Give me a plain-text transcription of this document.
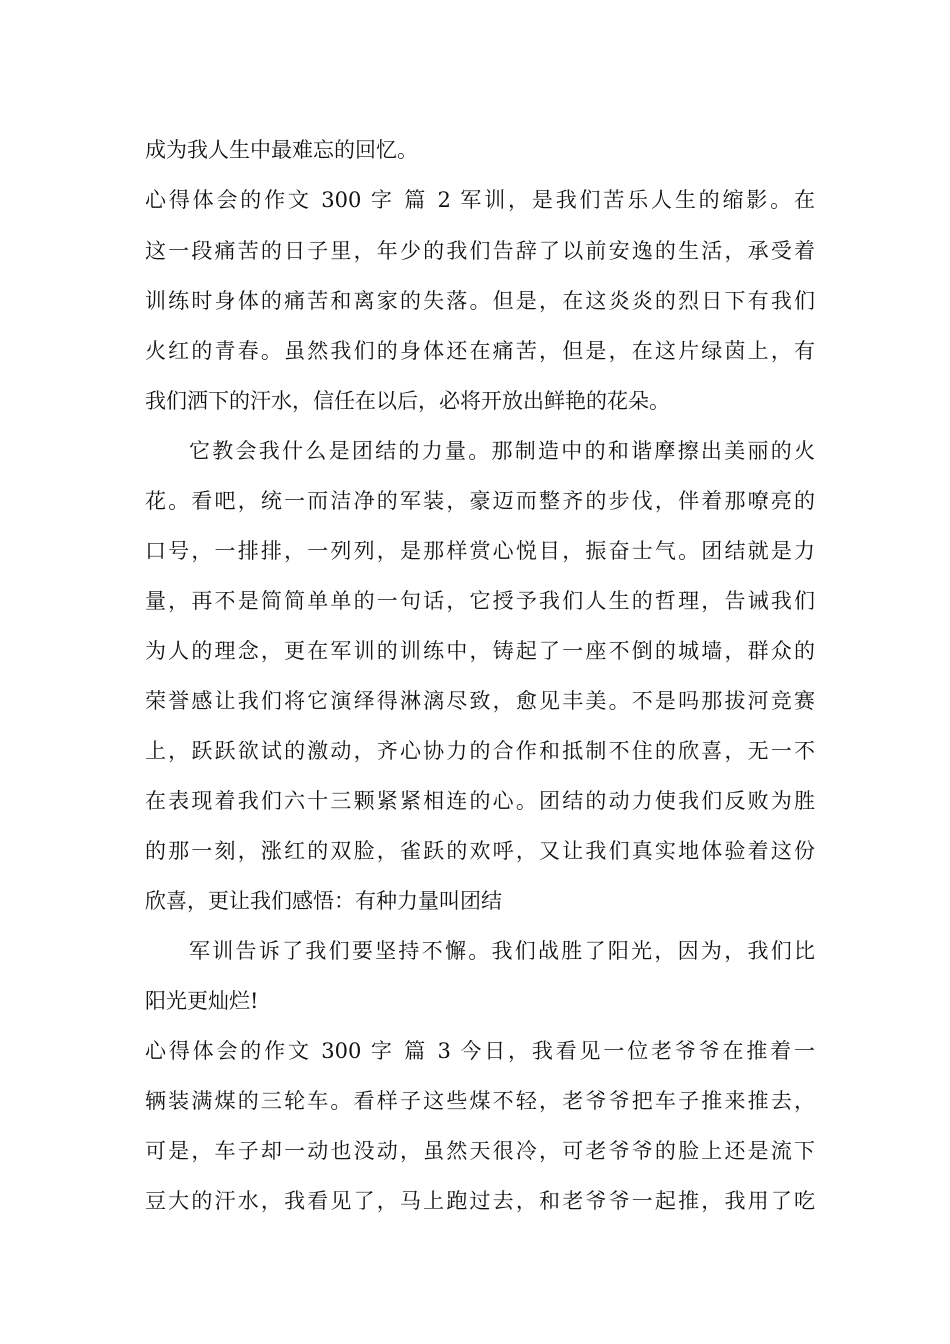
成为我人生中最难忘的回忆。
心得体会的作文 300 字 篇 2 军训，是我们苦乐人生的缩影。在
这一段痛苦的日子里，年少的我们告辞了以前安逸的生活，承受着
训练时身体的痛苦和离家的失落。但是，在这炎炎的烈日下有我们
火红的青春。虽然我们的身体还在痛苦，但是，在这片绿茵上，有
我们洒下的汗水，信任在以后，必将开放出鲜艳的花朵。
它教会我什么是团结的力量。那制造中的和谐摩擦出美丽的火
花。看吧，统一而洁净的军装，豪迈而整齐的步伐，伴着那嘹亮的
口号，一排排，一列列，是那样赏心悦目，振奋士气。团结就是力
量，再不是简简单单的一句话，它授予我们人生的哲理，告诫我们
为人的理念，更在军训的训练中，铸起了一座不倒的城墙，群众的
荣誉感让我们将它演绎得淋漓尽致，愈见丰美。不是吗那拔河竞赛
上，跃跃欲试的激动，齐心协力的合作和抵制不住的欣喜，无一不
在表现着我们六十三颗紧紧相连的心。团结的动力使我们反败为胜
的那一刻，涨红的双脸，雀跃的欢呼，又让我们真实地体验着这份
欣喜，更让我们感悟：有种力量叫团结
军训告诉了我们要坚持不懈。我们战胜了阳光，因为，我们比
阳光更灿烂!
心得体会的作文 300 字 篇 3 今日，我看见一位老爷爷在推着一
辆装满煤的三轮车。看样子这些煤不轻，老爷爷把车子推来推去，
可是，车子却一动也没动，虽然天很冷，可老爷爷的脸上还是流下
豆大的汗水，我看见了，马上跑过去，和老爷爷一起推，我用了吃
